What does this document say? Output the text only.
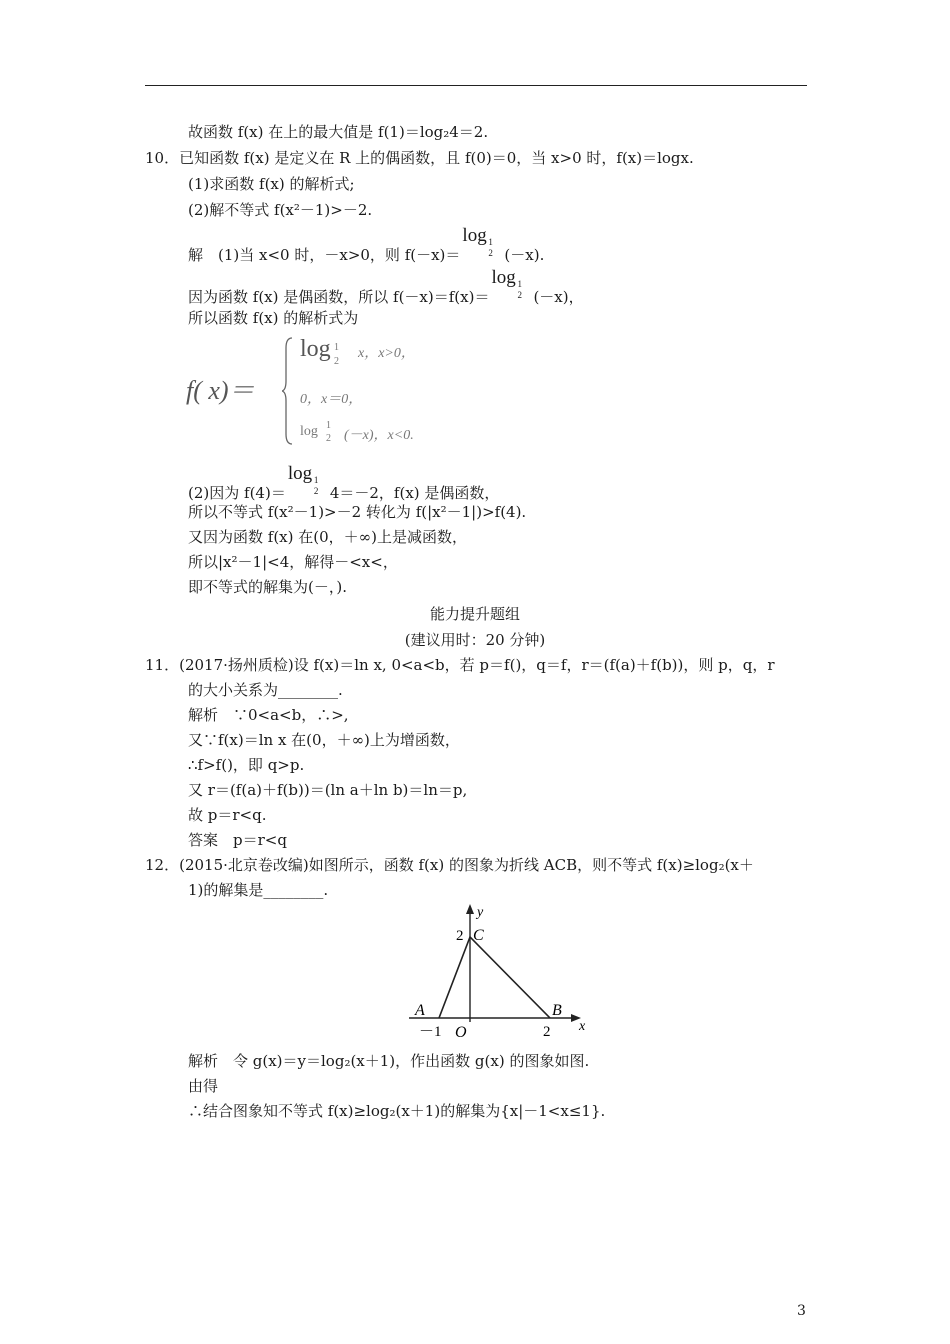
故函数 f(x) 在上的最大值是 f(1)＝log₂4＝2.
10．已知函数 f(x) 是定义在 R 上的偶函数，且 f(0)＝0，当 x>0 时，f(x)＝logx.
(1)求函数 f(x) 的解析式;
(2)解不等式 f(x²－1)>－2.
解　(1)当 x<0 时，－x>0，则 f(－x)＝
log 1
2 (－x).
因为函数 f(x) 是偶函数，所以 f(－x)＝f(x)＝
log 1
2 (－x)，
所以函数 f(x) 的解析式为
f( x)＝
log 1
2
x，x>0，
0，x＝0，
log 1
2 (－x)，x<0.
(2)因为 f(4)＝
log 1
2 4＝－2，f(x) 是偶函数，
所以不等式 f(x²－1)>－2 转化为 f(|x²－1|)>f(4).
又因为函数 f(x) 在(0，＋∞)上是减函数，
所以|x²－1|<4，解得－<x<，
即不等式的解集为(－，).
能力提升题组
(建议用时：20 分钟)
11．(2017·扬州质检)设 f(x)＝ln x, 0<a<b，若 p＝f()，q＝f，r＝(f(a)＋f(b))，则 p，q，r
的大小关系为________.
解析　∵0<a<b，∴>,
又∵f(x)＝ln x 在(0，＋∞)上为增函数，
∴f>f()，即 q>p.
又 r＝(f(a)＋f(b))＝(ln a＋ln b)＝ln＝p,
故 p＝r<q.
答案　p＝r<q
12．(2015·北京卷改编)如图所示，函数 f(x) 的图象为折线 ACB，则不等式 f(x)≥log₂(x＋
1)的解集是________.
y
x
C
2
A	B
－1 O	2
解析　令 g(x)＝y＝log₂(x＋1)，作出函数 g(x) 的图象如图.
由得
∴结合图象知不等式 f(x)≥log₂(x＋1)的解集为{x|－1<x≤1}.
3
